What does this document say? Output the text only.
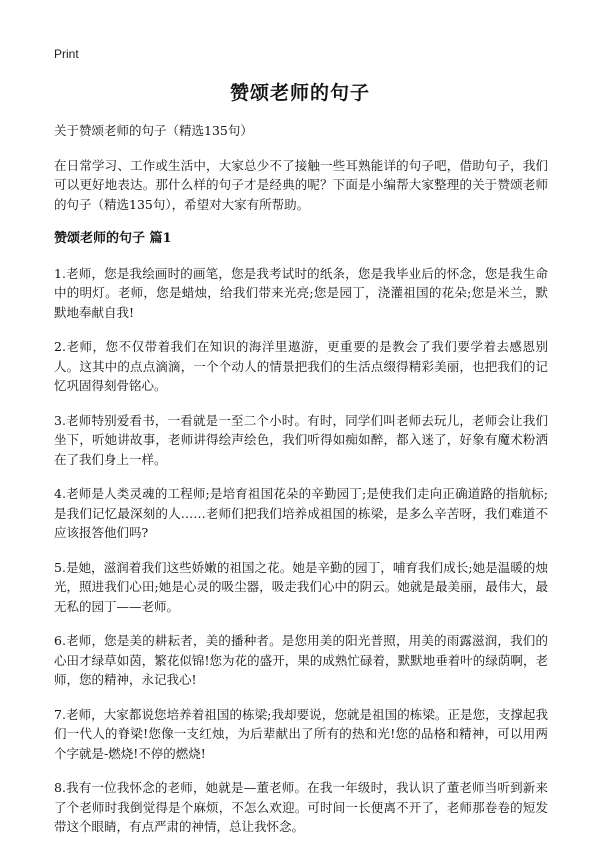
Print
赞颂老师的句子

关于赞颂老师的句子（精选135句）

在日常学习、工作或生活中，大家总少不了接触一些耳熟能详的句子吧，借助句子，我们可以更好地表达。那什么样的句子才是经典的呢？下面是小编帮大家整理的关于赞颂老师的句子（精选135句），希望对大家有所帮助。

赞颂老师的句子 篇1

1.老师，您是我绘画时的画笔，您是我考试时的纸条，您是我毕业后的怀念，您是我生命中的明灯。老师，您是蜡烛，给我们带来光亮;您是园丁，浇灌祖国的花朵;您是米兰，默默地奉献自我!

2.老师，您不仅带着我们在知识的海洋里遨游，更重要的是教会了我们要学着去感恩别人。这其中的点点滴滴，一个个动人的情景把我们的生活点缀得精彩美丽，也把我们的记忆巩固得刻骨铭心。

3.老师特别爱看书，一看就是一至二个小时。有时，同学们叫老师去玩儿，老师会让我们坐下，听她讲故事，老师讲得绘声绘色，我们听得如痴如醉，都入迷了，好象有魔术粉洒在了我们身上一样。

4.老师是人类灵魂的工程师;是培育祖国花朵的辛勤园丁;是使我们走向正确道路的指航标;是我们记忆最深刻的人……老师们把我们培养成祖国的栋梁，是多么辛苦呀，我们难道不应该报答他们吗?

5.是她，滋润着我们这些娇嫩的祖国之花。她是辛勤的园丁，哺育我们成长;她是温暖的烛光，照进我们心田;她是心灵的吸尘器，吸走我们心中的阴云。她就是最美丽，最伟大，最无私的园丁——老师。

6.老师，您是美的耕耘者，美的播种者。是您用美的阳光普照，用美的雨露滋润，我们的心田才绿草如茵，繁花似锦!您为花的盛开，果的成熟忙碌着，默默地垂着叶的绿荫啊，老师，您的精神，永记我心!

7.老师，大家都说您培养着祖国的栋梁;我却要说，您就是祖国的栋梁。正是您，支撑起我们一代人的脊梁!您像一支红烛，为后辈献出了所有的热和光!您的品格和精神，可以用两个字就是-燃烧!不停的燃烧!

8.我有一位我怀念的老师，她就是—董老师。在我一年级时，我认识了董老师当听到新来了个老师时我倒觉得是个麻烦，不怎么欢迎。可时间一长便离不开了，老师那卷卷的短发带这个眼睛，有点严肃的神情，总让我怀念。
